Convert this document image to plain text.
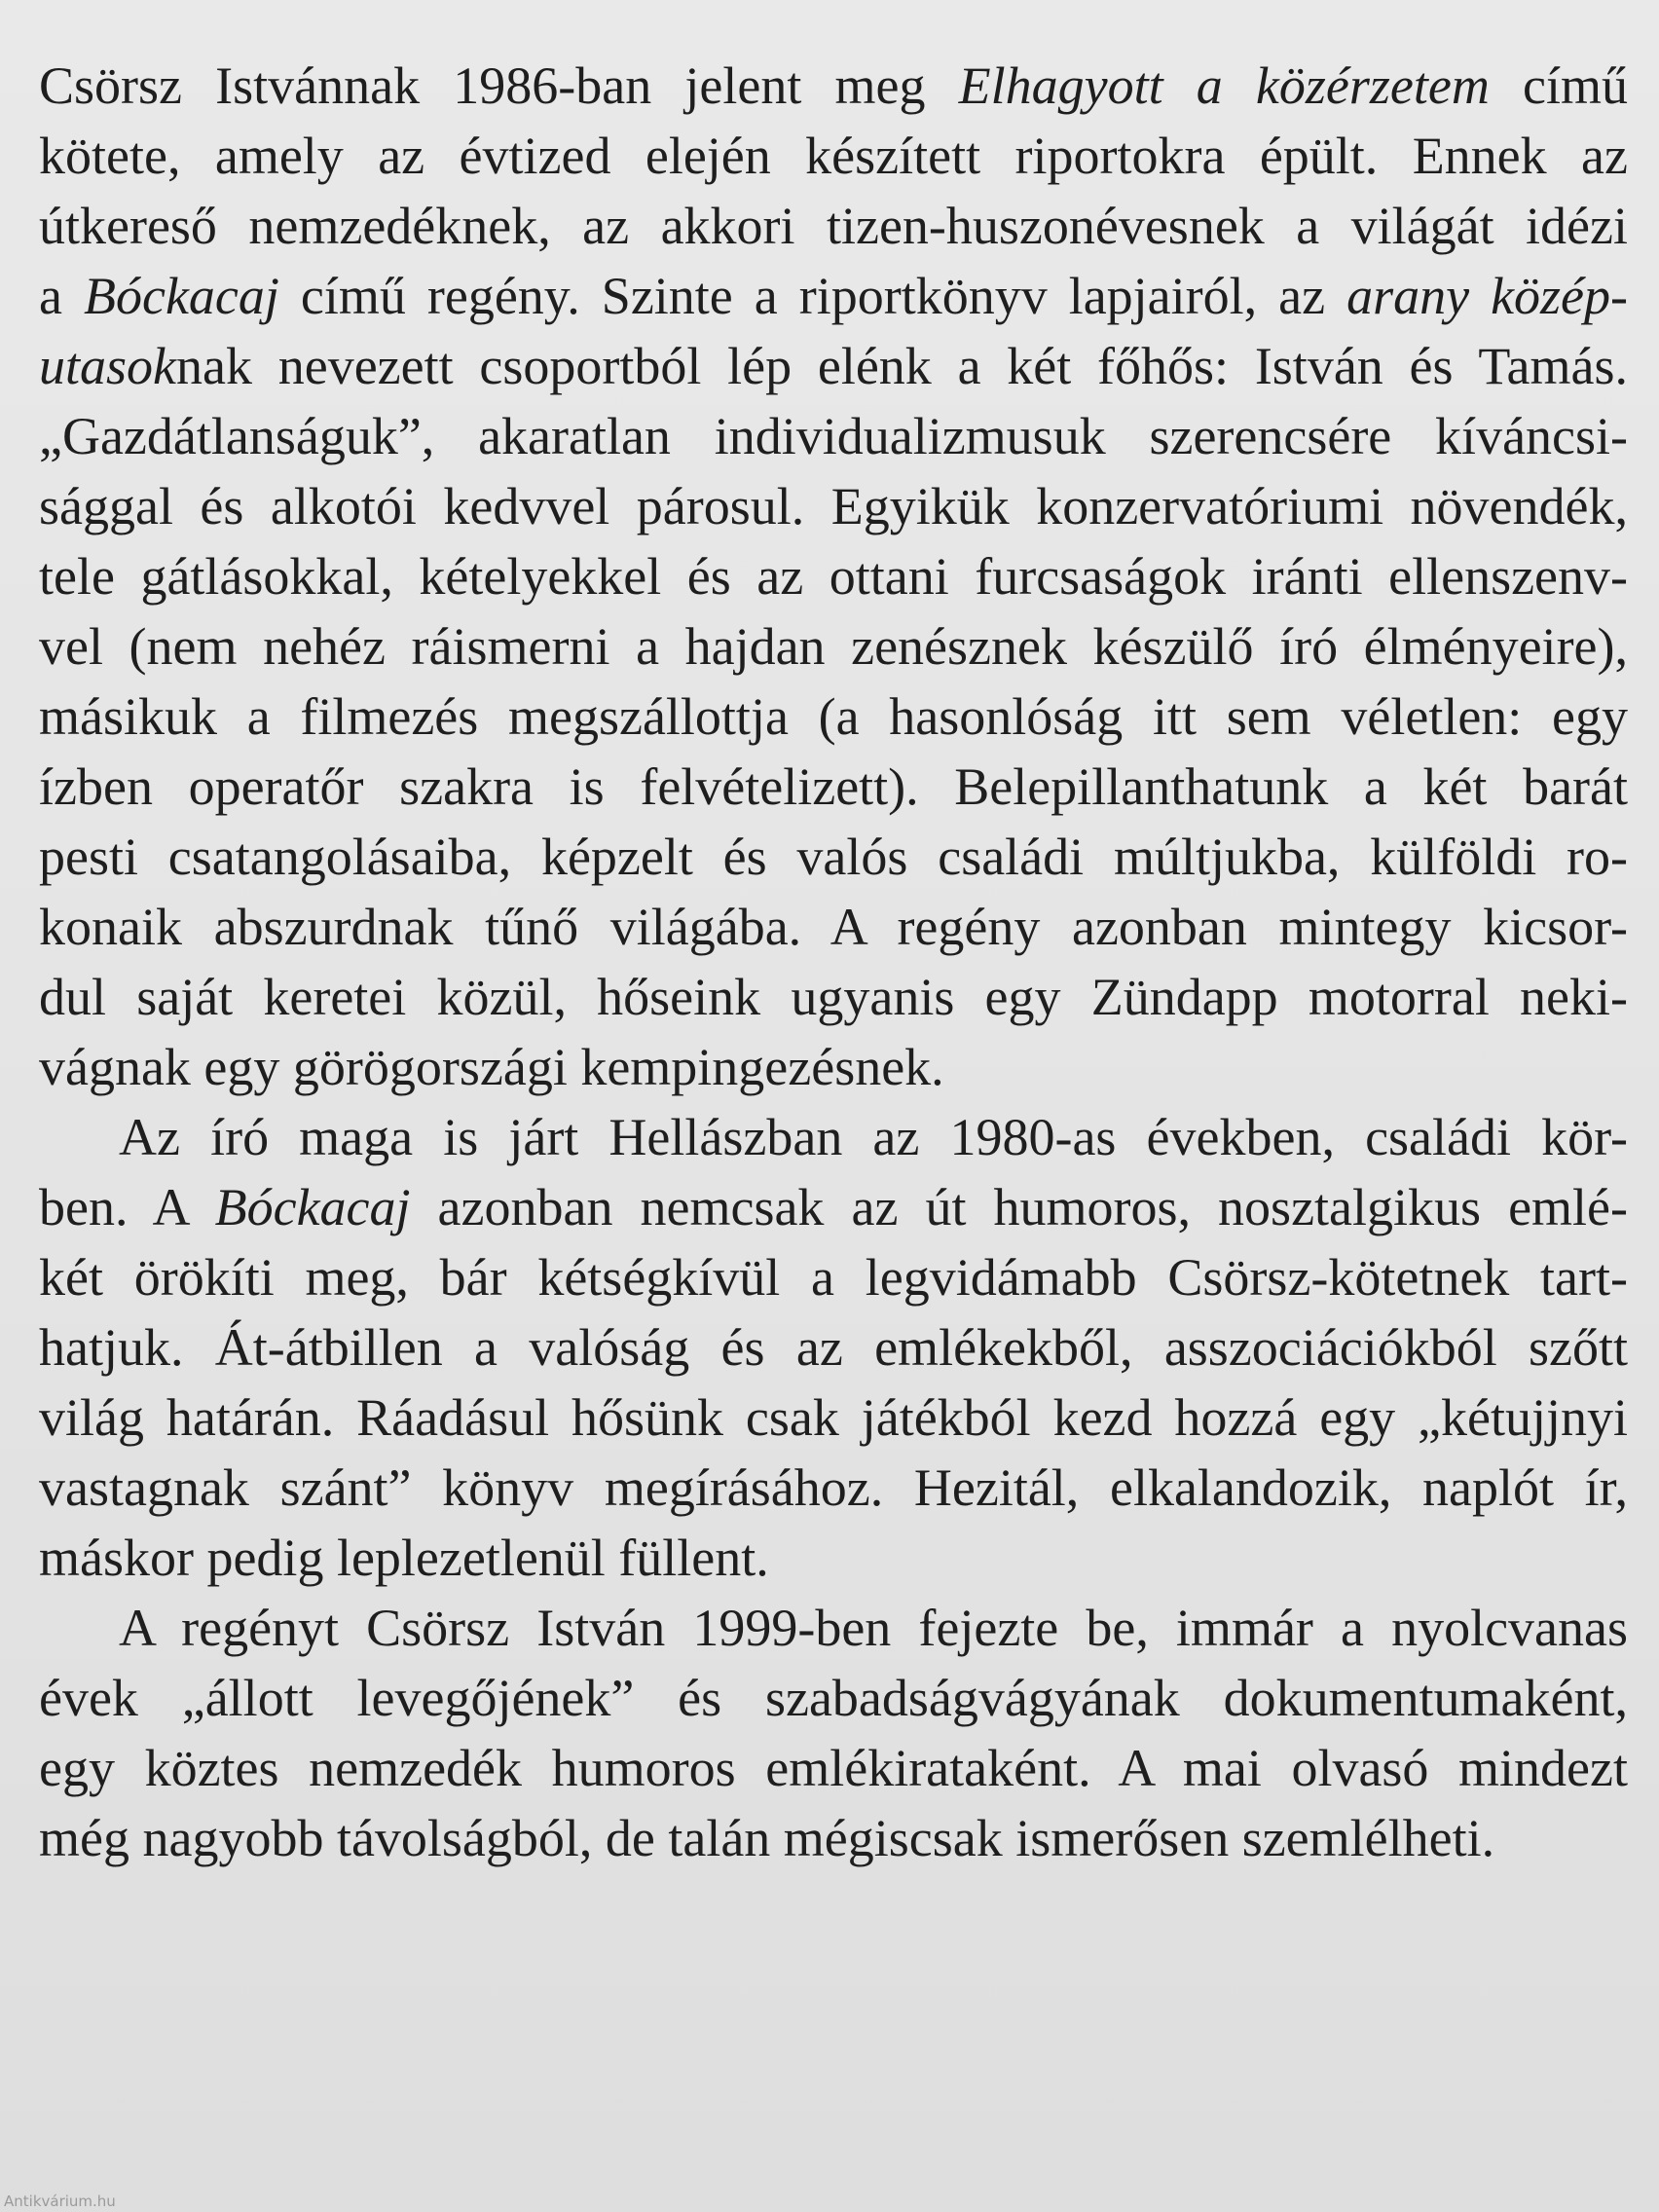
Csörsz Istvánnak 1986-ban jelent meg Elhagyott a közérzetem című
kötete, amely az évtized elején készített riportokra épült. Ennek az
útkereső nemzedéknek, az akkori tizen-huszonévesnek a világát idézi
a Bóckacaj című regény. Szinte a riportkönyv lapjairól, az arany közép-
utasoknak nevezett csoportból lép elénk a két főhős: István és Tamás.
„Gazdátlanságuk”, akaratlan individualizmusuk szerencsére kíváncsi-
sággal és alkotói kedvvel párosul. Egyikük konzervatóriumi növendék,
tele gátlásokkal, kételyekkel és az ottani furcsaságok iránti ellenszenv-
vel (nem nehéz ráismerni a hajdan zenésznek készülő író élményeire),
másikuk a filmezés megszállottja (a hasonlóság itt sem véletlen: egy
ízben operatőr szakra is felvételizett). Belepillanthatunk a két barát
pesti csatangolásaiba, képzelt és valós családi múltjukba, külföldi ro-
konaik abszurdnak tűnő világába. A regény azonban mintegy kicsor-
dul saját keretei közül, hőseink ugyanis egy Zündapp motorral neki-
vágnak egy görögországi kempingezésnek.
Az író maga is járt Hellászban az 1980-as években, családi kör-
ben. A Bóckacaj azonban nemcsak az út humoros, nosztalgikus emlé-
két örökíti meg, bár kétségkívül a legvidámabb Csörsz-kötetnek tart-
hatjuk. Át-átbillen a valóság és az emlékekből, asszociációkból szőtt
világ határán. Ráadásul hősünk csak játékból kezd hozzá egy „kétujjnyi
vastagnak szánt” könyv megírásához. Hezitál, elkalandozik, naplót ír,
máskor pedig leplezetlenül füllent.
A regényt Csörsz István 1999-ben fejezte be, immár a nyolcvanas
évek „állott levegőjének” és szabadságvágyának dokumentumaként,
egy köztes nemzedék humoros emlékirataként. A mai olvasó mindezt
még nagyobb távolságból, de talán mégiscsak ismerősen szemlélheti.
Antikvárium.hu
